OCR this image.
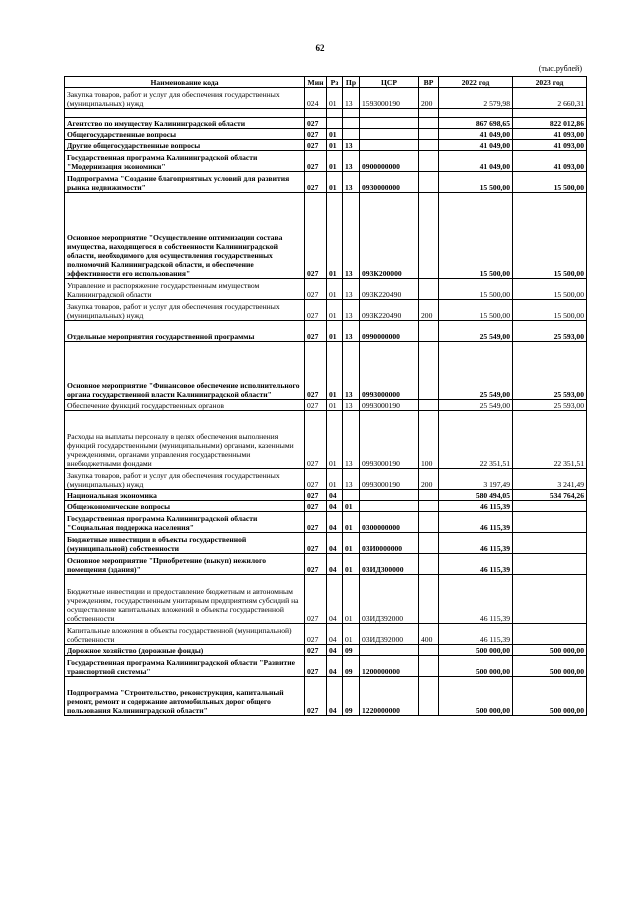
62
(тыс.рублей)
Наименование кода	Мин	Рз	Пр	ЦСР	ВР	2022 год	2023 год
Закупка товаров, работ и услуг для обеспечения государственных (муниципальных) нужд	024	01	13	1593000190	200	2 579,98	2 660,31

Агентство по имуществу Калининградской области	027					867 698,65	822 012,86
Общегосударственные вопросы	027	01				41 049,00	41 093,00
Другие общегосударственные вопросы	027	01	13			41 049,00	41 093,00
Государственная программа Калининградской области "Модернизация экономики"	027	01	13	0900000000		41 049,00	41 093,00
Подпрограмма "Создание благоприятных условий для развития рынка недвижимости"	027	01	13	0930000000		15 500,00	15 500,00
Основное мероприятие "Осуществление оптимизации состава имущества, находящегося в собственности Калининградской области, необходимого для осуществления государственных полномочий Калининградской области, и обеспечение эффективности его использования"	027	01	13	093К200000		15 500,00	15 500,00
Управление и распоряжение государственным имуществом Калининградской области	027	01	13	093К220490		15 500,00	15 500,00
Закупка товаров, работ и услуг для обеспечения государственных (муниципальных) нужд	027	01	13	093К220490	200	15 500,00	15 500,00
Отдельные мероприятия государственной программы	027	01	13	0990000000		25 549,00	25 593,00
Основное мероприятие "Финансовое обеспечение исполнительного органа государственной власти Калининградской области"	027	01	13	0993000000		25 549,00	25 593,00
Обеспечение функций государственных органов	027	01	13	0993000190		25 549,00	25 593,00
Расходы на выплаты персоналу в целях обеспечения выполнения функций государственными (муниципальными) органами, казенными учреждениями, органами управления государственными внебюджетными фондами	027	01	13	0993000190	100	22 351,51	22 351,51
Закупка товаров, работ и услуг для обеспечения государственных (муниципальных) нужд	027	01	13	0993000190	200	3 197,49	3 241,49
Национальная экономика	027	04				580 494,05	534 764,26
Общеэкономические вопросы	027	04	01			46 115,39	
Государственная программа Калининградской области "Социальная поддержка населения"	027	04	01	0300000000		46 115,39	
Бюджетные инвестиции в объекты государственной (муниципальной) собственности	027	04	01	03И0000000		46 115,39	
Основное мероприятие "Приобретение (выкуп) нежилого помещения (здания)"	027	04	01	03ИД300000		46 115,39	
Бюджетные инвестиции и предоставление бюджетным и автономным учреждениям, государственным унитарным предприятиям субсидий на осуществление капитальных вложений в объекты государственной собственности	027	04	01	03ИД392000		46 115,39	
Капитальные вложения в объекты государственной (муниципальной) собственности	027	04	01	03ИД392000	400	46 115,39	
Дорожное хозяйство (дорожные фонды)	027	04	09			500 000,00	500 000,00
Государственная программа Калининградской области "Развитие транспортной системы"	027	04	09	1200000000		500 000,00	500 000,00
Подпрограмма "Строительство, реконструкция, капитальный ремонт, ремонт и содержание автомобильных дорог общего пользования Калининградской области"	027	04	09	1220000000		500 000,00	500 000,00
